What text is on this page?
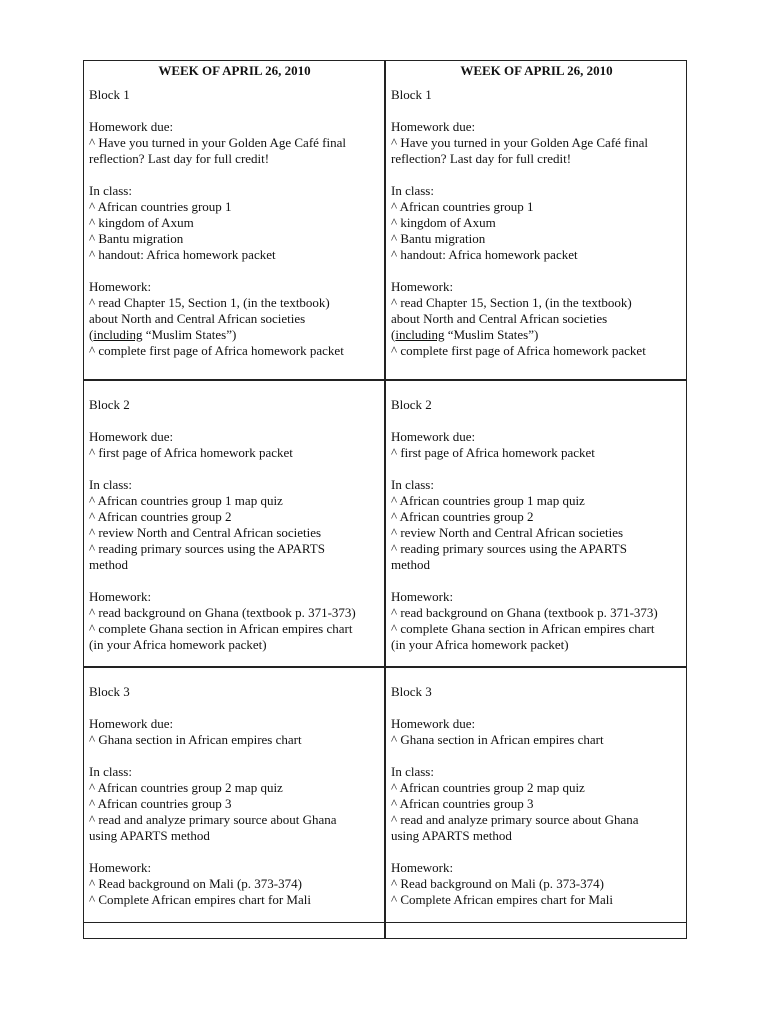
WEEK OF APRIL 26, 2010
Block 1
Homework due:
^ Have you turned in your Golden Age Café final
reflection? Last day for full credit!
In class:
^ African countries group 1
^ kingdom of Axum
^ Bantu migration
^ handout: Africa homework packet
Homework:
^ read Chapter 15, Section 1, (in the textbook)
about North and Central African societies
(including “Muslim States”)
^ complete first page of Africa homework packet
WEEK OF APRIL 26, 2010
Block 1
Homework due:
^ Have you turned in your Golden Age Café final
reflection? Last day for full credit!
In class:
^ African countries group 1
^ kingdom of Axum
^ Bantu migration
^ handout: Africa homework packet
Homework:
^ read Chapter 15, Section 1, (in the textbook)
about North and Central African societies
(including “Muslim States”)
^ complete first page of Africa homework packet
Block 2
Homework due:
^ first page of Africa homework packet
In class:
^ African countries group 1 map quiz
^ African countries group 2
^ review North and Central African societies
^ reading primary sources using the APARTS
method
Homework:
^ read background on Ghana (textbook p. 371-373)
^ complete Ghana section in African empires chart
(in your Africa homework packet)
Block 2
Homework due:
^ first page of Africa homework packet
In class:
^ African countries group 1 map quiz
^ African countries group 2
^ review North and Central African societies
^ reading primary sources using the APARTS
method
Homework:
^ read background on Ghana (textbook p. 371-373)
^ complete Ghana section in African empires chart
(in your Africa homework packet)
Block 3
Homework due:
^ Ghana section in African empires chart
In class:
^ African countries group 2 map quiz
^ African countries group 3
^ read and analyze primary source about Ghana
using APARTS method
Homework:
^ Read background on Mali (p. 373-374)
^ Complete African empires chart for Mali
Block 3
Homework due:
^ Ghana section in African empires chart
In class:
^ African countries group 2 map quiz
^ African countries group 3
^ read and analyze primary source about Ghana
using APARTS method
Homework:
^ Read background on Mali (p. 373-374)
^ Complete African empires chart for Mali
